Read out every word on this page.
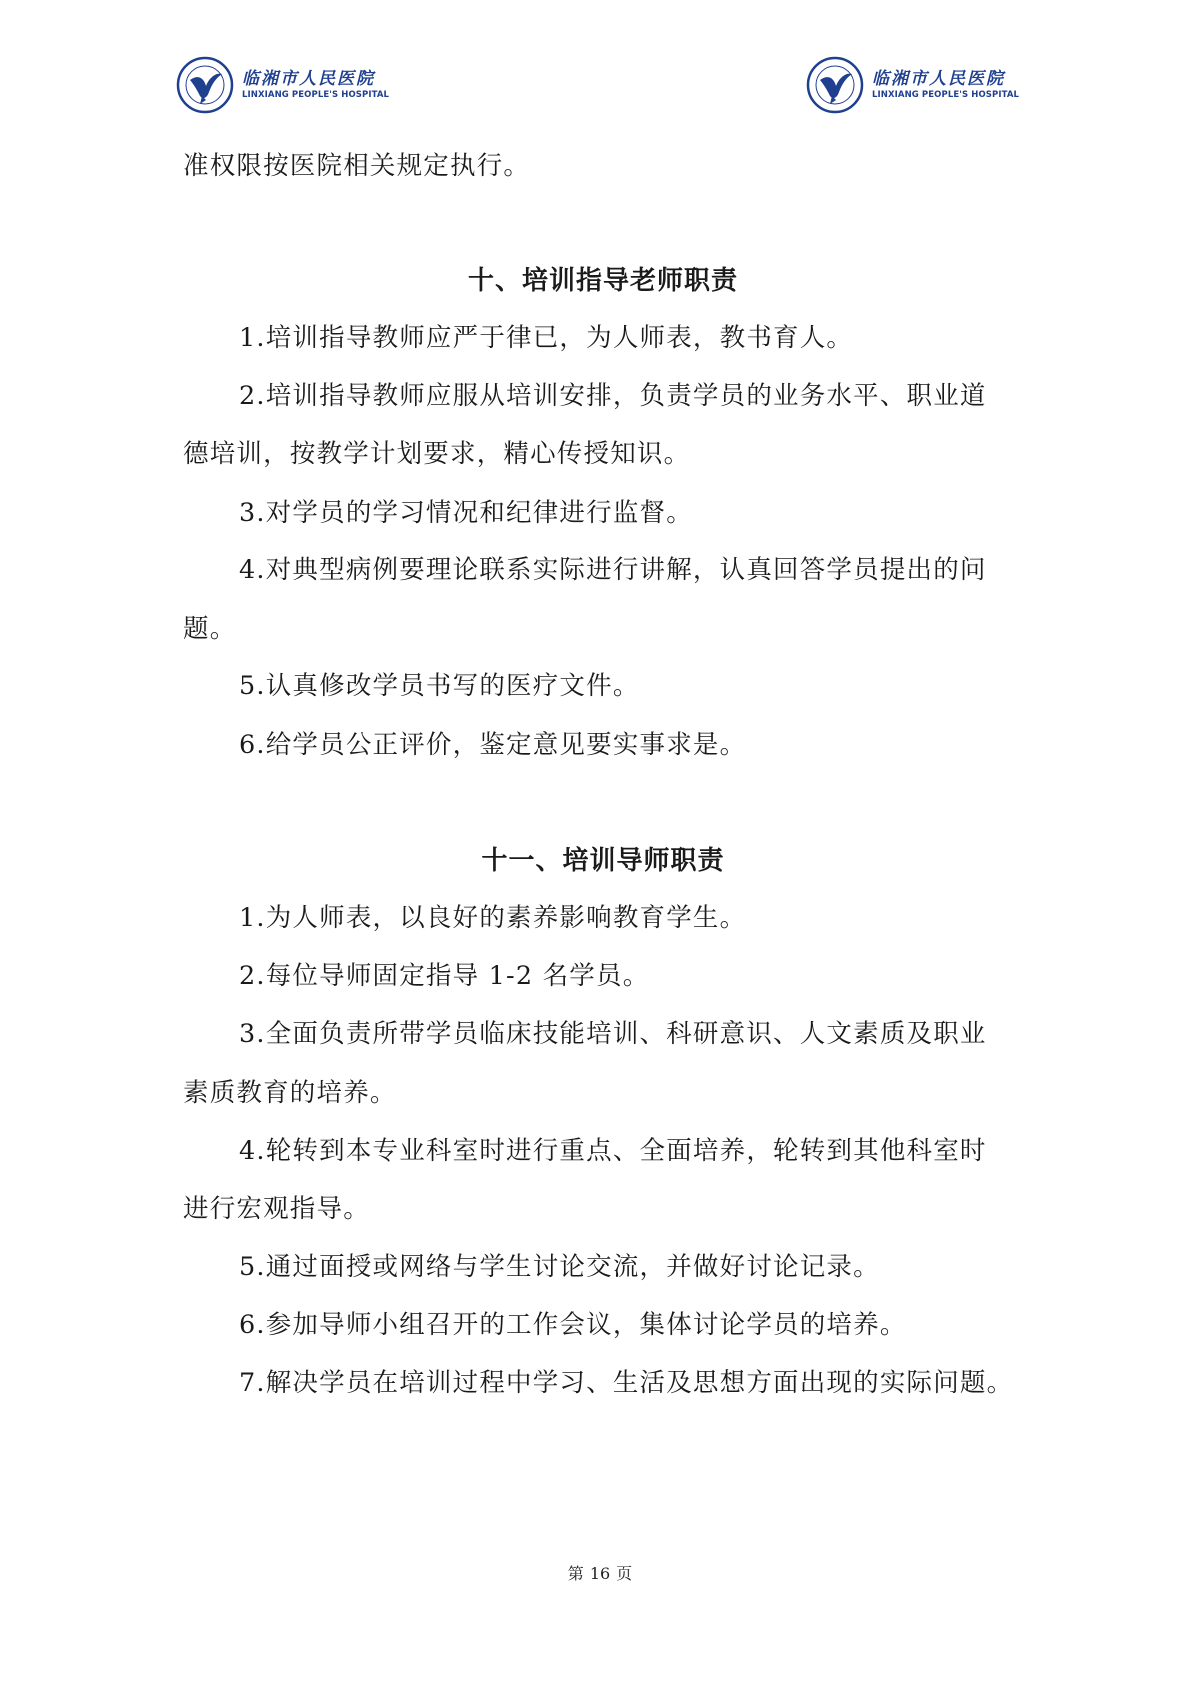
临湘市人民医院
LINXIANG PEOPLE'S HOSPITAL
临湘市人民医院
LINXIANG PEOPLE'S HOSPITAL
准权限按医院相关规定执行。
十、培训指导老师职责
1.培训指导教师应严于律已，为人师表，教书育人。
2.培训指导教师应服从培训安排，负责学员的业务水平、职业道
德培训，按教学计划要求，精心传授知识。
3.对学员的学习情况和纪律进行监督。
4.对典型病例要理论联系实际进行讲解，认真回答学员提出的问
题。
5.认真修改学员书写的医疗文件。
6.给学员公正评价，鉴定意见要实事求是。
十一、培训导师职责
1.为人师表，以良好的素养影响教育学生。
2.每位导师固定指导 1-2 名学员。
3.全面负责所带学员临床技能培训、科研意识、人文素质及职业
素质教育的培养。
4.轮转到本专业科室时进行重点、全面培养，轮转到其他科室时
进行宏观指导。
5.通过面授或网络与学生讨论交流，并做好讨论记录。
6.参加导师小组召开的工作会议，集体讨论学员的培养。
7.解决学员在培训过程中学习、生活及思想方面出现的实际问题。
第 16 页
